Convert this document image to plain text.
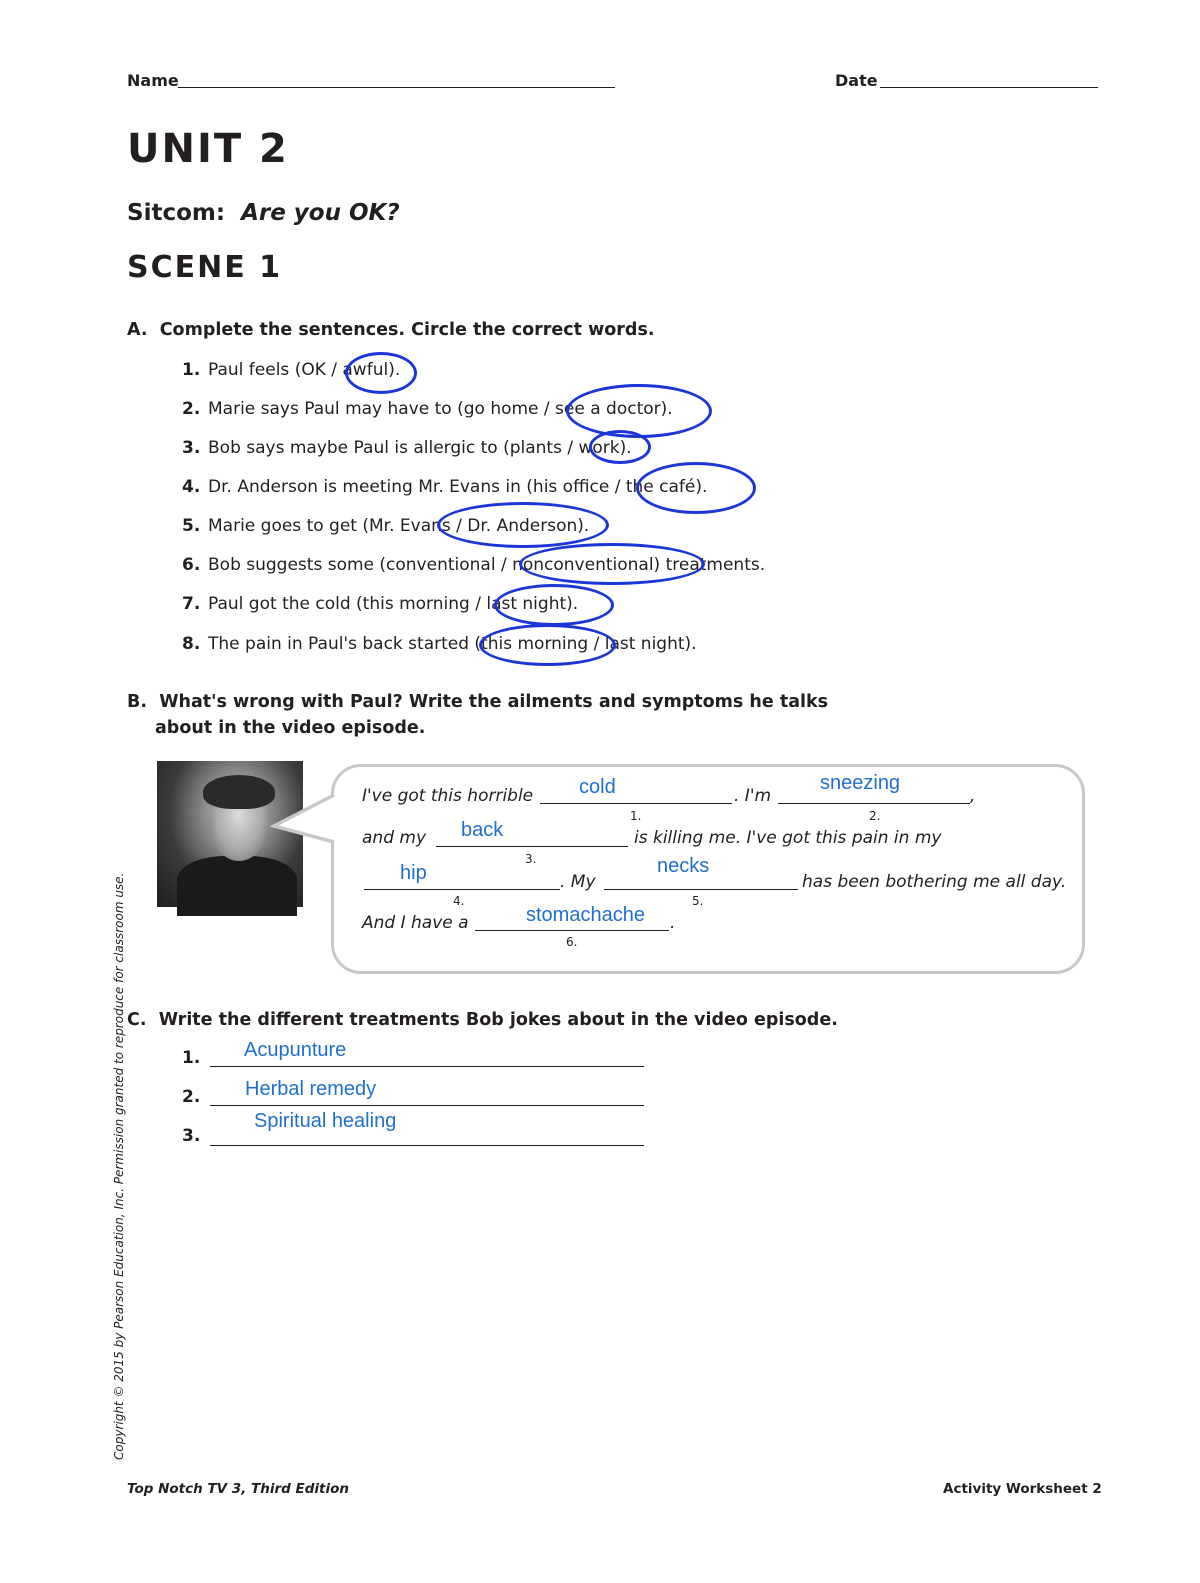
Name	Date
UNIT 2
Sitcom: Are you OK?
SCENE 1
A. Complete the sentences. Circle the correct words.
1. Paul feels (OK / awful).
2. Marie says Paul may have to (go home / see a doctor).
3. Bob says maybe Paul is allergic to (plants / work).
4. Dr. Anderson is meeting Mr. Evans in (his office / the café).
5. Marie goes to get (Mr. Evans / Dr. Anderson).
6. Bob suggests some (conventional / nonconventional) treatments.
7. Paul got the cold (this morning / last night).
8. The pain in Paul's back started (this morning / last night).
B. What's wrong with Paul? Write the ailments and symptoms he talks
about in the video episode.
I've got this horrible cold
1.
. I'm
sneezing
2.
,
and my back
3.
is killing me. I've got this pain in my
hip
4.
. My
necks
5.
has been bothering me all day.
And I have a	stomachache
6.
.
C. Write the different treatments Bob jokes about in the video episode.
1. Acupunture
2. Herbal remedy
3.
Spiritual healing
Copyright © 2015 by Pearson Education, Inc. Permission granted to reproduce for classroom use.
Top Notch TV 3, Third Edition	Activity Worksheet 2
